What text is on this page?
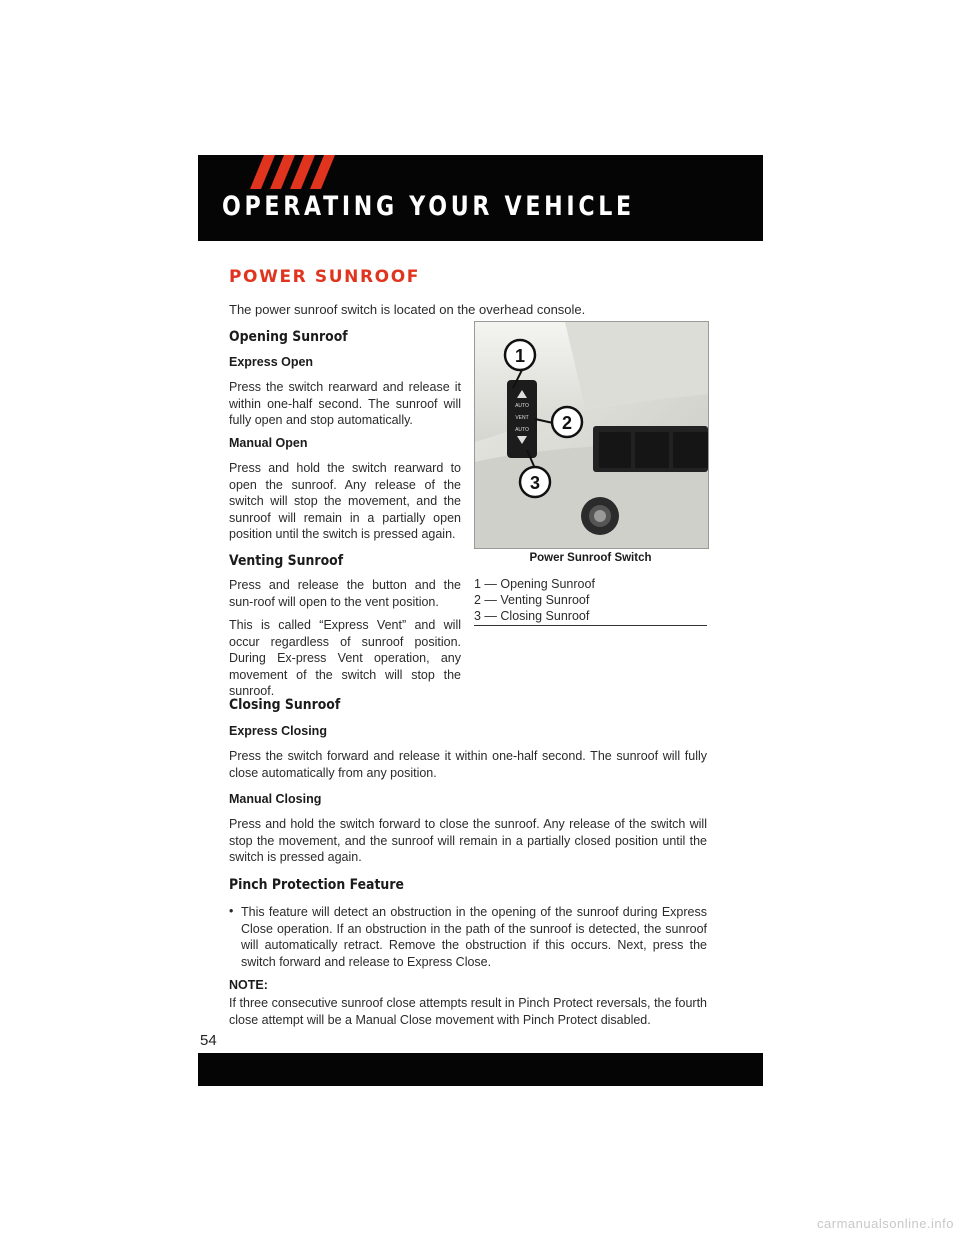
OPERATING YOUR VEHICLE
POWER SUNROOF
The power sunroof switch is located on the overhead console.
Opening Sunroof
Express Open

Press the switch rearward and release it within one-half second. The sunroof will fully open and stop automatically.

Manual Open

Press and hold the switch rearward to open the sunroof. Any release of the switch will stop the movement, and the sunroof will remain in a partially open position until the switch is pressed again.

Venting Sunroof

Press and release the button and the sun-roof will open to the vent position.

This is called “Express Vent” and will occur regardless of sunroof position. During Ex-press Vent operation, any movement of the switch will stop the sunroof.

AUTO
VENT
AUTO
1
2
3
Power Sunroof Switch
1 — Opening Sunroof
2 — Venting Sunroof
3 — Closing Sunroof
Closing Sunroof
Express Closing

Press the switch forward and release it within one-half second. The sunroof will fully close automatically from any position.

Manual Closing

Press and hold the switch forward to close the sunroof. Any release of the switch will stop the movement, and the sunroof will remain in a partially closed position until the switch is pressed again.

Pinch Protection Feature
• This feature will detect an obstruction in the opening of the sunroof during Express Close operation. If an obstruction in the path of the sunroof is detected, the sunroof will automatically retract. Remove the obstruction if this occurs. Next, press the switch forward and release to Express Close.

NOTE:

If three consecutive sunroof close attempts result in Pinch Protect reversals, the fourth close attempt will be a Manual Close movement with Pinch Protect disabled.

54
carmanualsonline.info
